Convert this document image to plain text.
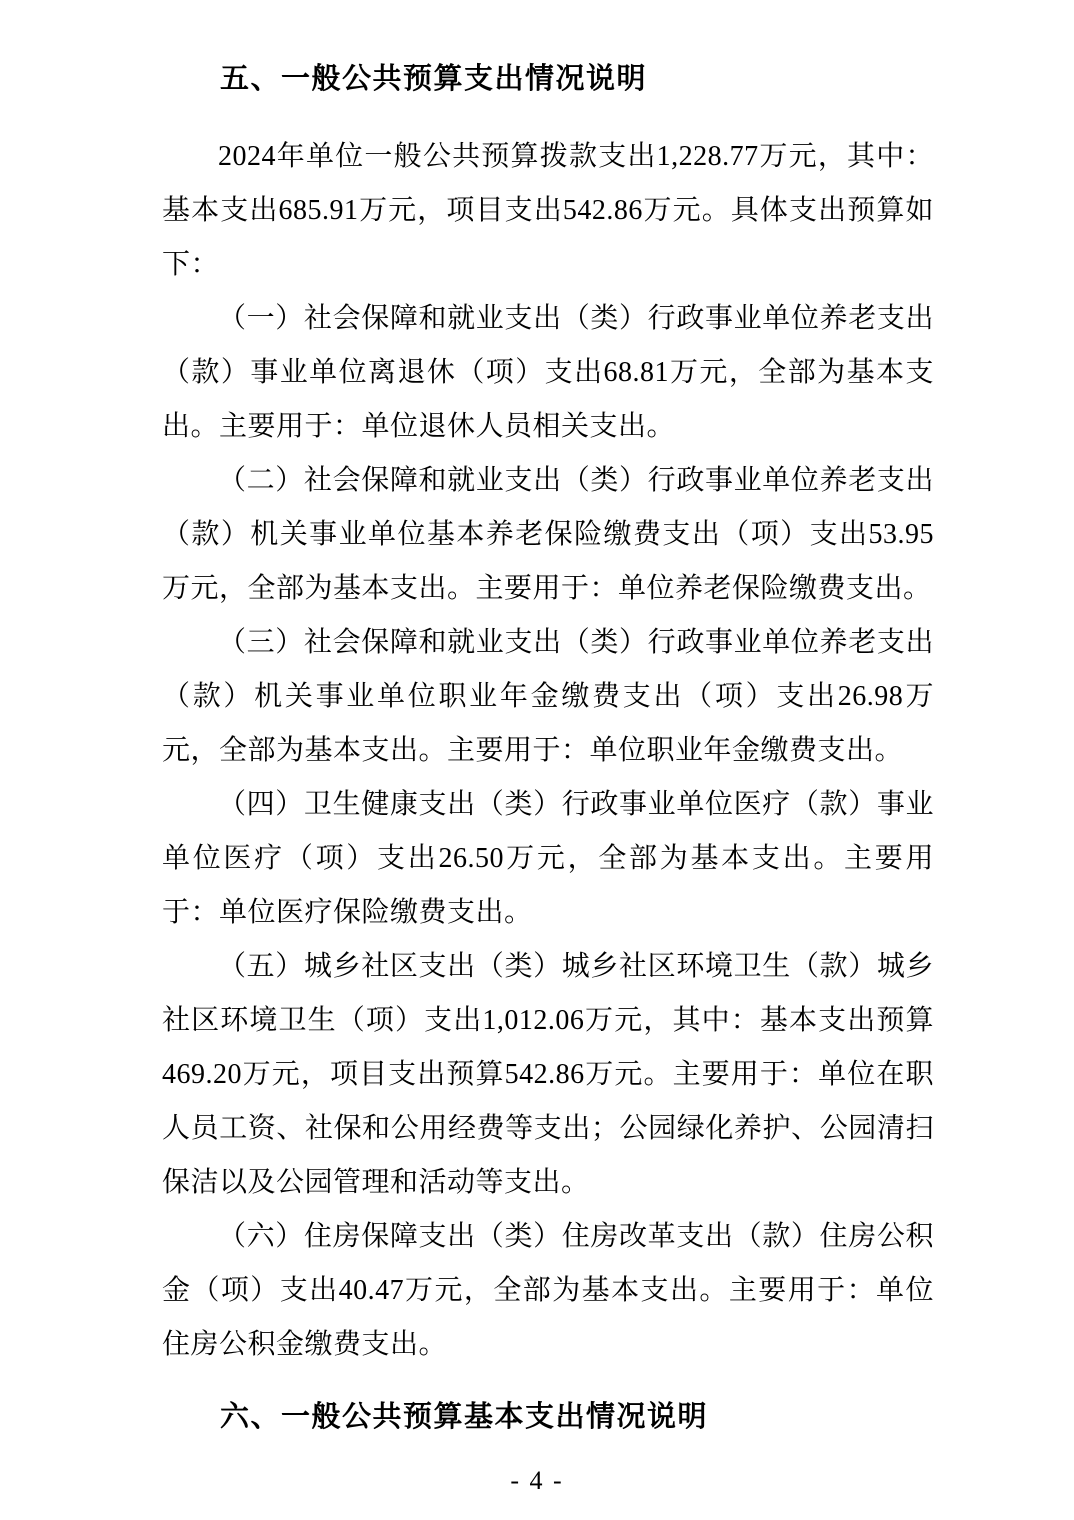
五、一般公共预算支出情况说明

2024年单位一般公共预算拨款支出1,228.77万元，其中：基本支出685.91万元，项目支出542.86万元。具体支出预算如下：

（一）社会保障和就业支出（类）行政事业单位养老支出（款）事业单位离退休（项）支出68.81万元，全部为基本支出。主要用于：单位退休人员相关支出。

（二）社会保障和就业支出（类）行政事业单位养老支出（款）机关事业单位基本养老保险缴费支出（项）支出53.95万元，全部为基本支出。主要用于：单位养老保险缴费支出。

（三）社会保障和就业支出（类）行政事业单位养老支出（款）机关事业单位职业年金缴费支出（项）支出26.98万元，全部为基本支出。主要用于：单位职业年金缴费支出。

（四）卫生健康支出（类）行政事业单位医疗（款）事业单位医疗（项）支出26.50万元，全部为基本支出。主要用于：单位医疗保险缴费支出。

（五）城乡社区支出（类）城乡社区环境卫生（款）城乡社区环境卫生（项）支出1,012.06万元，其中：基本支出预算469.20万元，项目支出预算542.86万元。主要用于：单位在职人员工资、社保和公用经费等支出；公园绿化养护、公园清扫保洁以及公园管理和活动等支出。

（六）住房保障支出（类）住房改革支出（款）住房公积金（项）支出40.47万元，全部为基本支出。主要用于：单位住房公积金缴费支出。

六、一般公共预算基本支出情况说明
- 4 -
